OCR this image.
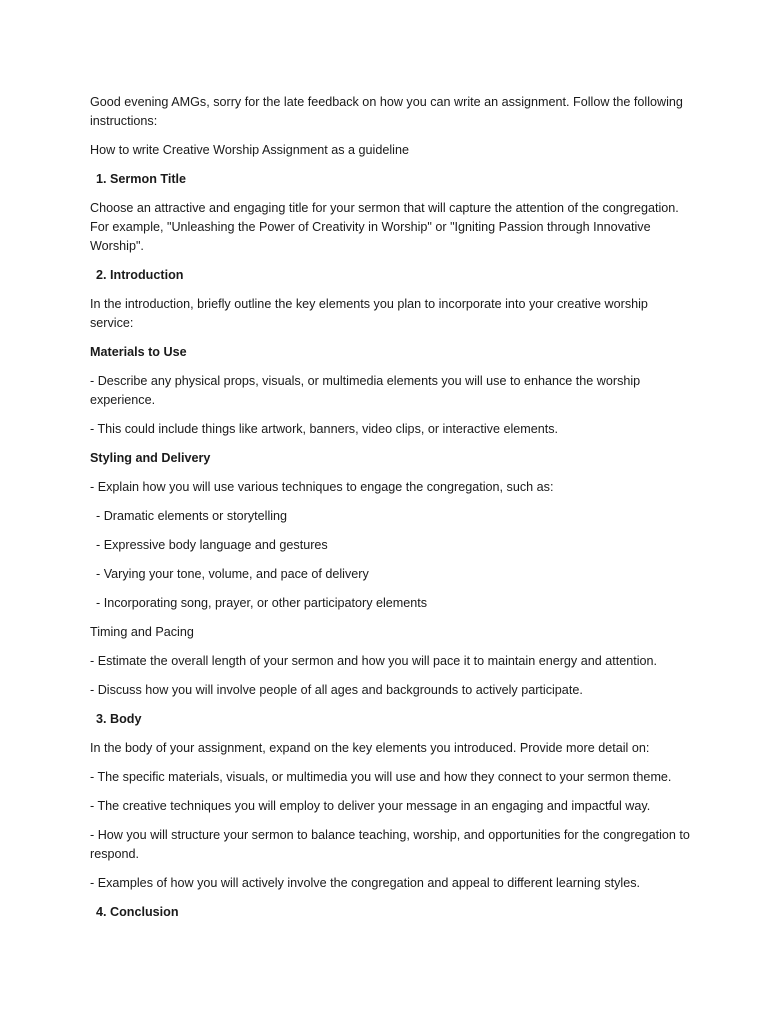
Good evening AMGs, sorry for the late feedback on how you can write an assignment. Follow the following instructions:

How to write Creative Worship Assignment as a guideline

1. Sermon Title

Choose an attractive and engaging title for your sermon that will capture the attention of the congregation. For example, "Unleashing the Power of Creativity in Worship" or "Igniting Passion through Innovative Worship".

2. Introduction

In the introduction, briefly outline the key elements you plan to incorporate into your creative worship service:

Materials to Use

- Describe any physical props, visuals, or multimedia elements you will use to enhance the worship experience.

- This could include things like artwork, banners, video clips, or interactive elements.

Styling and Delivery

- Explain how you will use various techniques to engage the congregation, such as:

- Dramatic elements or storytelling

- Expressive body language and gestures

- Varying your tone, volume, and pace of delivery

- Incorporating song, prayer, or other participatory elements

Timing and Pacing

- Estimate the overall length of your sermon and how you will pace it to maintain energy and attention.

- Discuss how you will involve people of all ages and backgrounds to actively participate.

3. Body

In the body of your assignment, expand on the key elements you introduced. Provide more detail on:

- The specific materials, visuals, or multimedia you will use and how they connect to your sermon theme.

- The creative techniques you will employ to deliver your message in an engaging and impactful way.

- How you will structure your sermon to balance teaching, worship, and opportunities for the congregation to respond.

- Examples of how you will actively involve the congregation and appeal to different learning styles.

4. Conclusion
